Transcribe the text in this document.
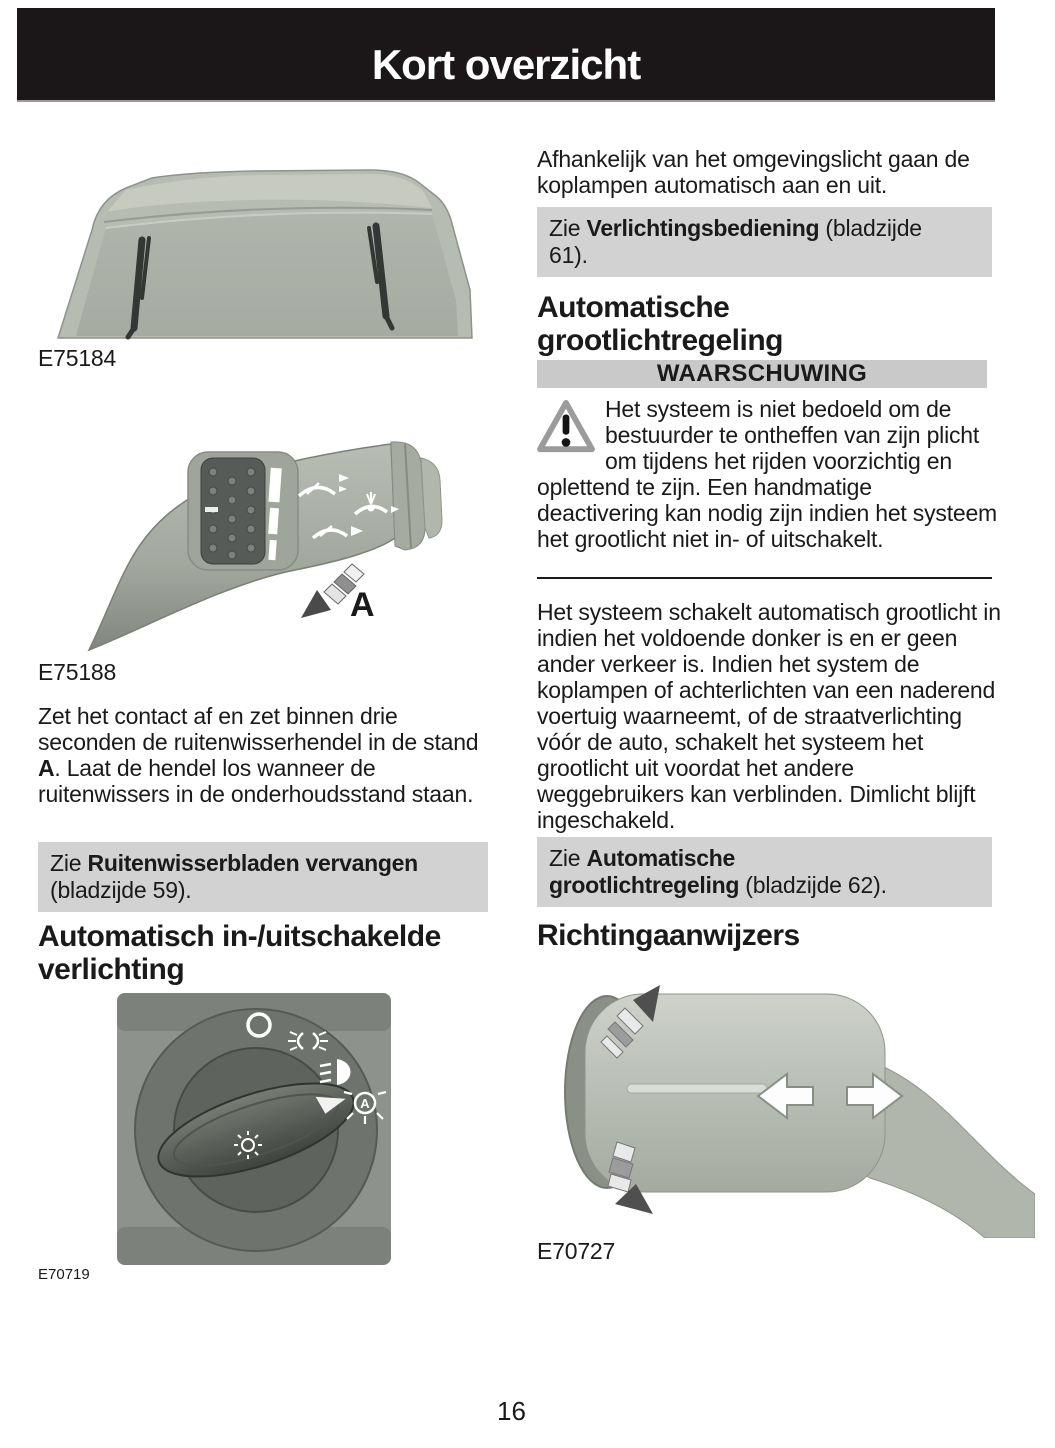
Kort overzicht
E75184
A
E75188
Zet het contact af en zet binnen drie seconden de ruitenwisserhendel in de stand A. Laat de hendel los wanneer de ruitenwissers in de onderhoudsstand staan.
Zie Ruitenwisserbladen vervangen
(bladzijde 59).
Automatisch in-/uitschakelde verlichting
A
E70719
Afhankelijk van het omgevingslicht gaan de koplampen automatisch aan en uit.
Zie Verlichtingsbediening (bladzijde
61).
Automatische grootlichtregeling
WAARSCHUWING
Het systeem is niet bedoeld om de bestuurder te ontheffen van zijn plicht om tijdens het rijden voorzichtig en oplettend te zijn. Een handmatige deactivering kan nodig zijn indien het systeem het grootlicht niet in- of uitschakelt.
Het systeem schakelt automatisch grootlicht in indien het voldoende donker is en er geen ander verkeer is. Indien het system de koplampen of achterlichten van een naderend voertuig waarneemt, of de straatverlichting vóór de auto, schakelt het systeem het grootlicht uit voordat het andere weggebruikers kan verblinden. Dimlicht blijft ingeschakeld.
Zie Automatische
grootlichtregeling (bladzijde 62).
Richtingaanwijzers
E70727
16
